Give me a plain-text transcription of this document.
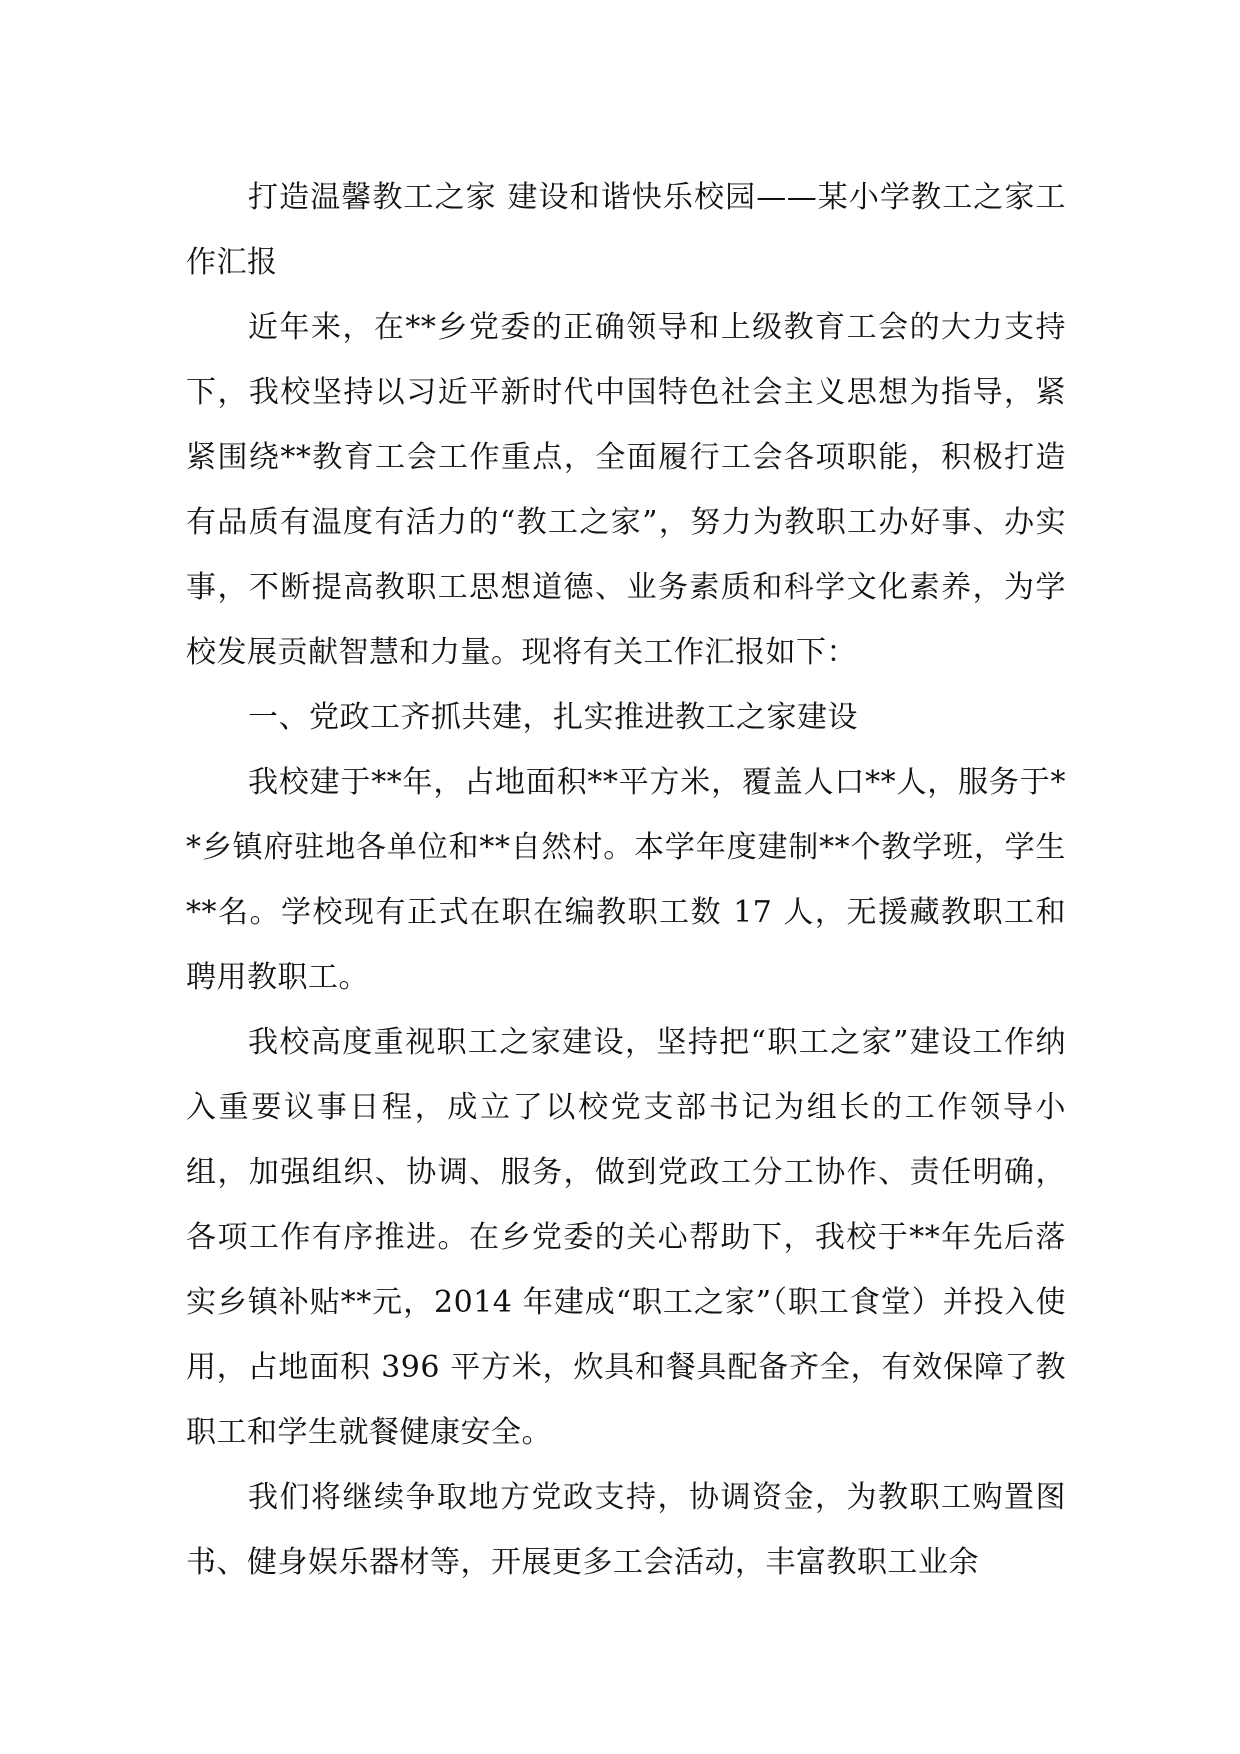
打造温馨教工之家 建设和谐快乐校园——某小学教工之家工作汇报

近年来，在**乡党委的正确领导和上级教育工会的大力支持下，我校坚持以习近平新时代中国特色社会主义思想为指导，紧紧围绕**教育工会工作重点，全面履行工会各项职能，积极打造有品质有温度有活力的“教工之家”，努力为教职工办好事、办实事，不断提高教职工思想道德、业务素质和科学文化素养，为学校发展贡献智慧和力量。现将有关工作汇报如下：

一、党政工齐抓共建，扎实推进教工之家建设

我校建于**年，占地面积**平方米，覆盖人口**人，服务于**乡镇府驻地各单位和**自然村。本学年度建制**个教学班，学生**名。学校现有正式在职在编教职工数 17 人，无援藏教职工和聘用教职工。

我校高度重视职工之家建设，坚持把“职工之家”建设工作纳入重要议事日程，成立了以校党支部书记为组长的工作领导小组，加强组织、协调、服务，做到党政工分工协作、责任明确，各项工作有序推进。在乡党委的关心帮助下，我校于**年先后落实乡镇补贴**元，2014 年建成“职工之家”（职工食堂）并投入使用，占地面积 396 平方米，炊具和餐具配备齐全，有效保障了教职工和学生就餐健康安全。

我们将继续争取地方党政支持，协调资金，为教职工购置图书、健身娱乐器材等，开展更多工会活动，丰富教职工业余
